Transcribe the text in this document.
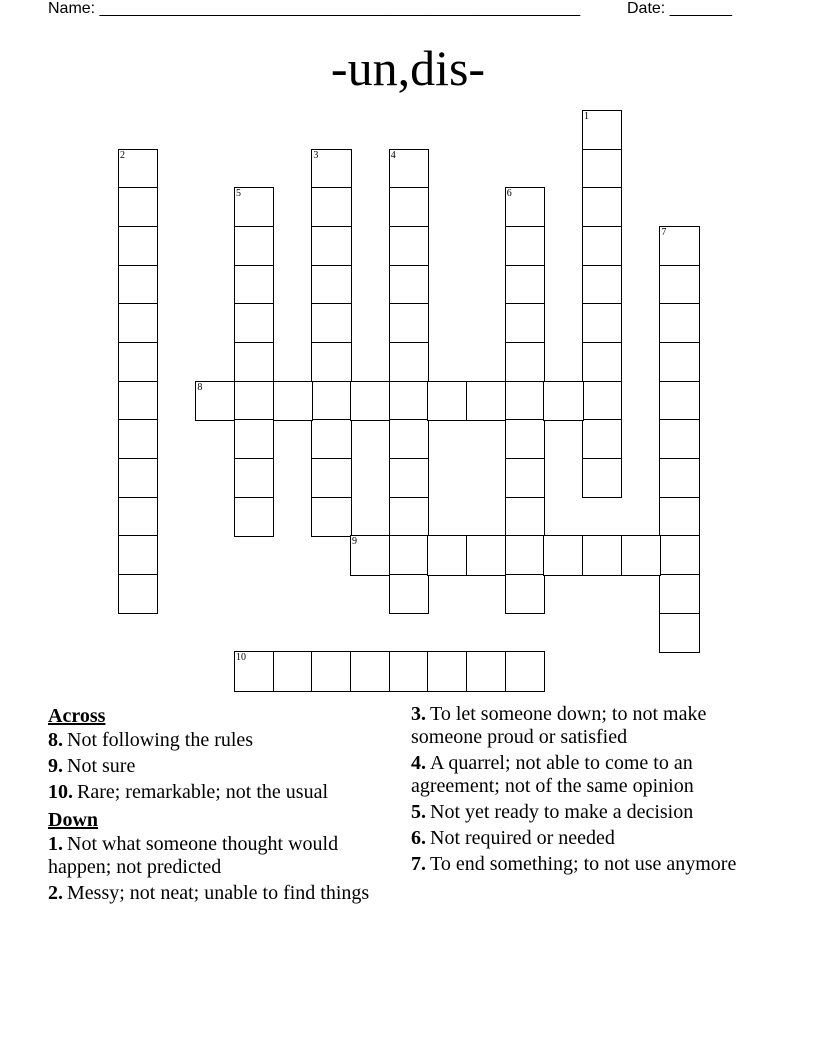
Name: ______________________________________________________	Date: _______
-un,dis-
1
2	3	4
5	6
7
8
9
10
Across
8. Not following the rules
9. Not sure
10. Rare; remarkable; not the usual
Down
1. Not what someone thought would happen; not predicted
2. Messy; not neat; unable to find things
3. To let someone down; to not make someone proud or satisfied
4. A quarrel; not able to come to an agreement; not of the same opinion
5. Not yet ready to make a decision
6. Not required or needed
7. To end something; to not use anymore
